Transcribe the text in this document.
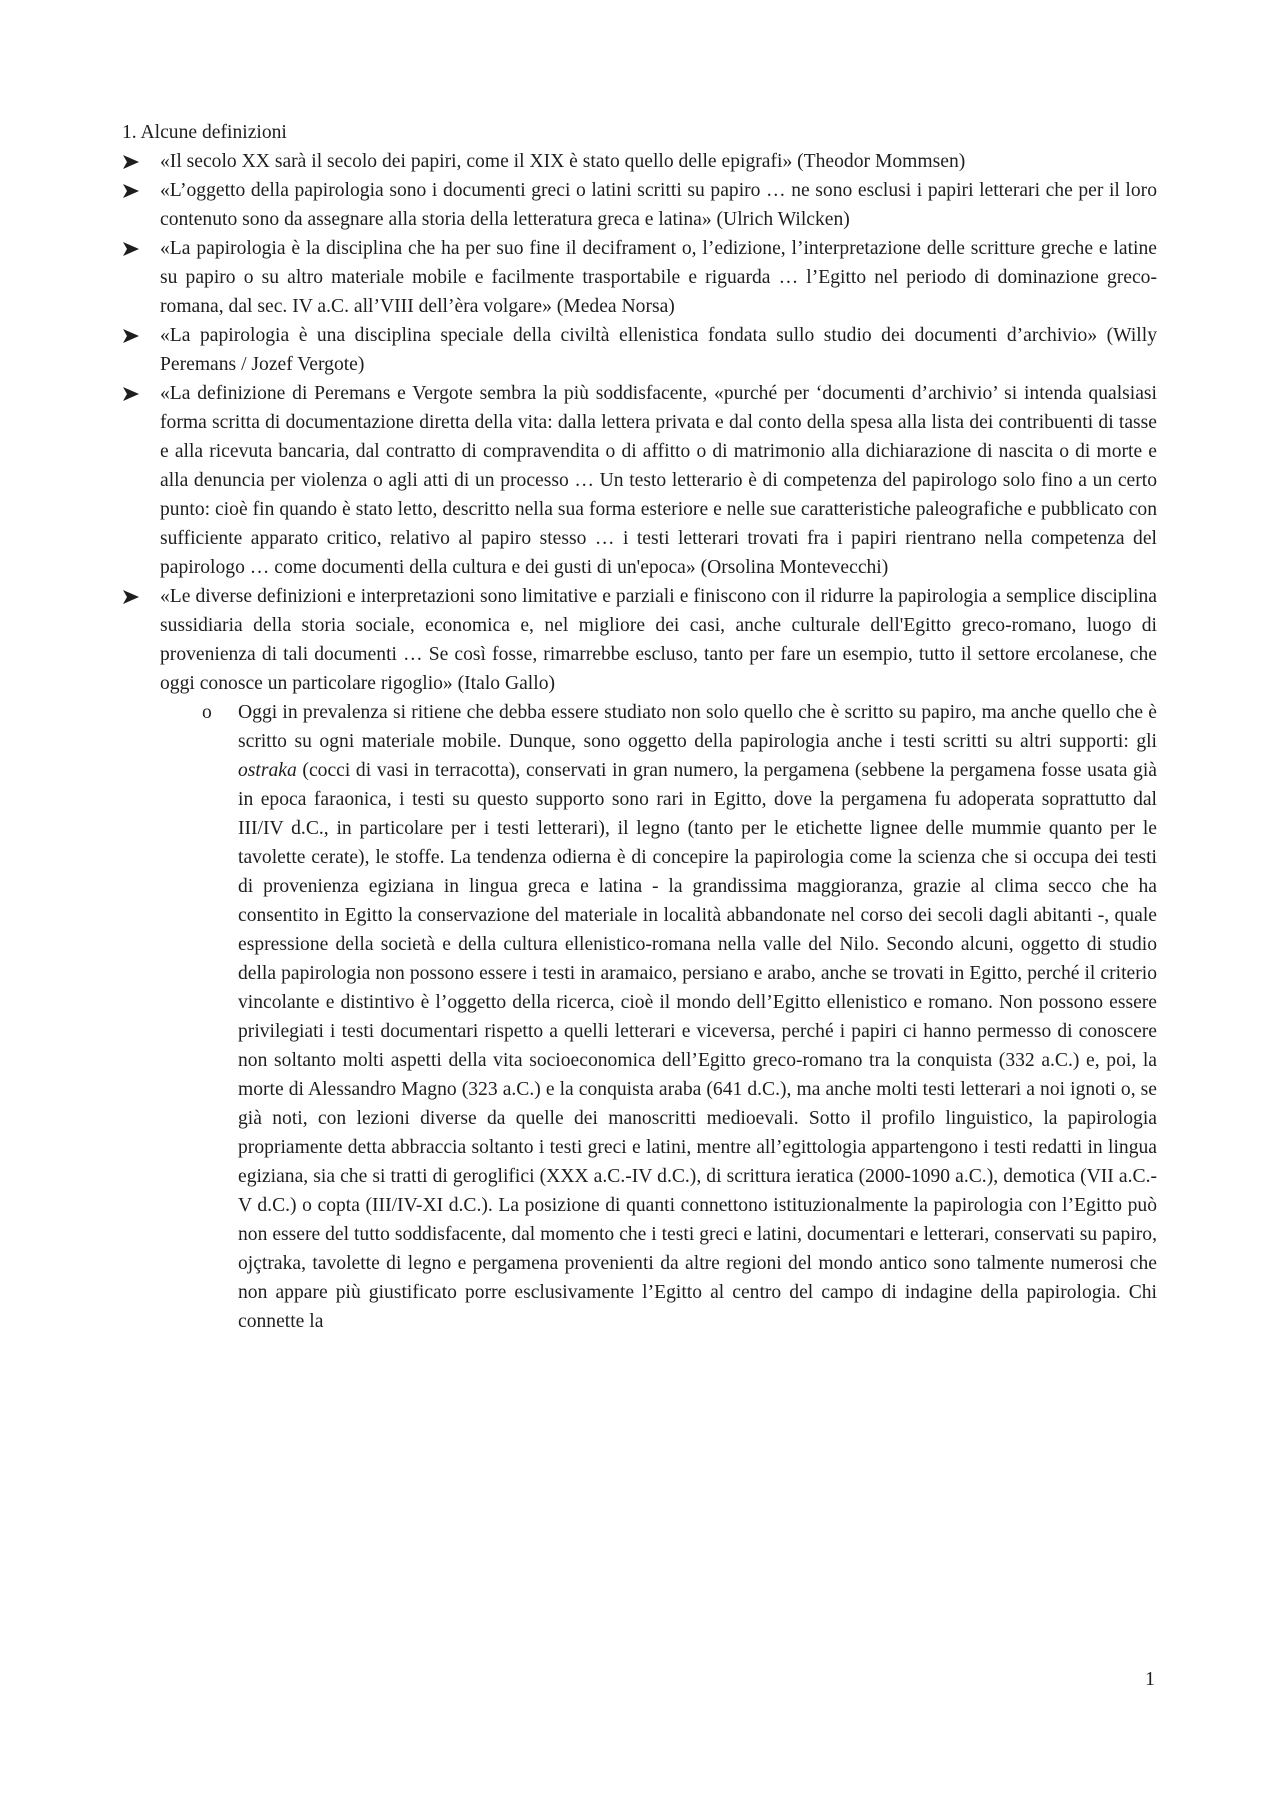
1. Alcune definizioni

«Il secolo XX sarà il secolo dei papiri, come il XIX è stato quello delle epigrafi» (Theodor Mommsen)
«L’oggetto della papirologia sono i documenti greci o latini scritti su papiro … ne sono esclusi i papiri letterari che per il loro contenuto sono da assegnare alla storia della letteratura greca e latina» (Ulrich Wilcken)
«La papirologia è la disciplina che ha per suo fine il deciframent o, l’edizione, l’interpretazione delle scritture greche e latine su papiro o su altro materiale mobile e facilmente trasportabile e riguarda … l’Egitto nel periodo di dominazione greco-romana, dal sec. IV a.C. all’VIII dell’èra volgare» (Medea Norsa)
«La papirologia è una disciplina speciale della civiltà ellenistica fondata sullo studio dei documenti d’archivio» (Willy Peremans / Jozef Vergote)
«La definizione di Peremans e Vergote sembra la più soddisfacente, «purché per ‘documenti d’archivio’ si intenda qualsiasi forma scritta di documentazione diretta della vita: dalla lettera privata e dal conto della spesa alla lista dei contribuenti di tasse e alla ricevuta bancaria, dal contratto di compravendita o di affitto o di matrimonio alla dichiarazione di nascita o di morte e alla denuncia per violenza o agli atti di un processo … Un testo letterario è di competenza del papirologo solo fino a un certo punto: cioè fin quando è stato letto, descritto nella sua forma esteriore e nelle sue caratteristiche paleografiche e pubblicato con sufficiente apparato critico, relativo al papiro stesso … i testi letterari trovati fra i papiri rientrano nella competenza del papirologo … come documenti della cultura e dei gusti di un'epoca» (Orsolina Montevecchi)
«Le diverse definizioni e interpretazioni sono limitative e parziali e finiscono con il ridurre la papirologia a semplice disciplina sussidiaria della storia sociale, economica e, nel migliore dei casi, anche culturale dell'Egitto greco-romano, luogo di provenienza di tali documenti … Se così fosse, rimarrebbe escluso, tanto per fare un esempio, tutto il settore ercolanese, che oggi conosce un particolare rigoglio» (Italo Gallo)
o Oggi in prevalenza si ritiene che debba essere studiato non solo quello che è scritto su papiro, ma anche quello che è scritto su ogni materiale mobile. Dunque, sono oggetto della papirologia anche i testi scritti su altri supporti: gli ostraka (cocci di vasi in terracotta), conservati in gran numero, la pergamena (sebbene la pergamena fosse usata già in epoca faraonica, i testi su questo supporto sono rari in Egitto, dove la pergamena fu adoperata soprattutto dal III/IV d.C., in particolare per i testi letterari), il legno (tanto per le etichette lignee delle mummie quanto per le tavolette cerate), le stoffe. La tendenza odierna è di concepire la papirologia come la scienza che si occupa dei testi di provenienza egiziana in lingua greca e latina - la grandissima maggioranza, grazie al clima secco che ha consentito in Egitto la conservazione del materiale in località abbandonate nel corso dei secoli dagli abitanti -, quale espressione della società e della cultura ellenistico-romana nella valle del Nilo. Secondo alcuni, oggetto di studio della papirologia non possono essere i testi in aramaico, persiano e arabo, anche se trovati in Egitto, perché il criterio vincolante e distintivo è l’oggetto della ricerca, cioè il mondo dell’Egitto ellenistico e romano. Non possono essere privilegiati i testi documentari rispetto a quelli letterari e viceversa, perché i papiri ci hanno permesso di conoscere non soltanto molti aspetti della vita socioeconomica dell’Egitto greco-romano tra la conquista (332 a.C.) e, poi, la morte di Alessandro Magno (323 a.C.) e la conquista araba (641 d.C.), ma anche molti testi letterari a noi ignoti o, se già noti, con lezioni diverse da quelle dei manoscritti medioevali. Sotto il profilo linguistico, la papirologia propriamente detta abbraccia soltanto i testi greci e latini, mentre all’egittologia appartengono i testi redatti in lingua egiziana, sia che si tratti di geroglifici (XXX a.C.-IV d.C.), di scrittura ieratica (2000-1090 a.C.), demotica (VII a.C.-V d.C.) o copta (III/IV-XI d.C.). La posizione di quanti connettono istituzionalmente la papirologia con l’Egitto può non essere del tutto soddisfacente, dal momento che i testi greci e latini, documentari e letterari, conservati su papiro, ojçtraka, tavolette di legno e pergamena provenienti da altre regioni del mondo antico sono talmente numerosi che non appare più giustificato porre esclusivamente l’Egitto al centro del campo di indagine della papirologia. Chi connette la
1
